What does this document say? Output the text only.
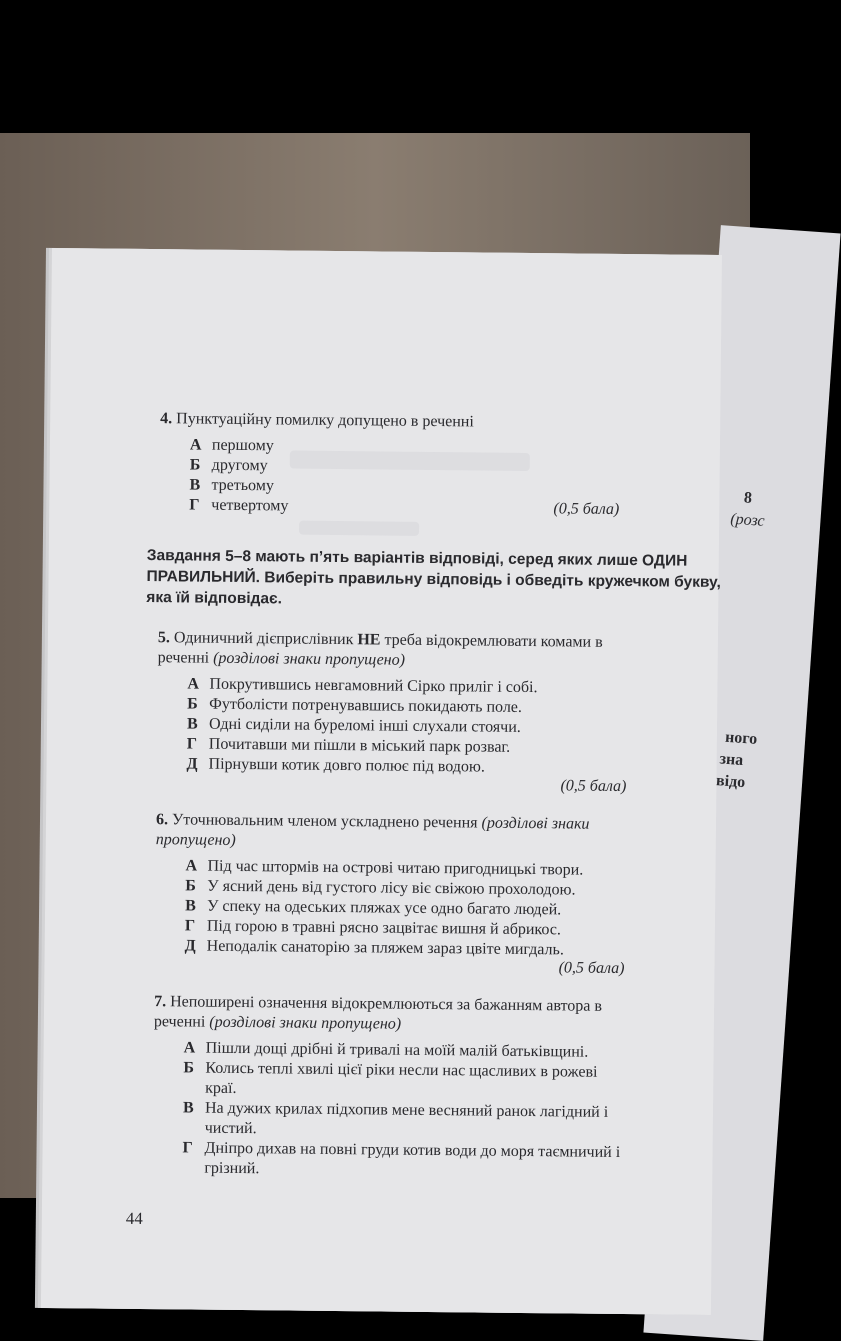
8
(розс
ного
зна
відо

4. Пунктуаційну помилку допущено в реченні

А першому
Б другому
В третьому
Г четвертому	(0,5 бала)

Завдання 5–8 мають п’ять варіантів відповіді, серед яких лише ОДИН ПРАВИЛЬНИЙ. Виберіть правильну відповідь і обведіть кружечком букву, яка їй відповідає.

5. Одиничний дієприслівник НЕ треба відокремлювати комами в реченні (розділові знаки пропущено)

А Покрутившись невгамовний Сірко приліг і собі.
Б Футболісти потренувавшись покидають поле.
В Одні сиділи на буреломі інші слухали стоячи.
Г Почитавши ми пішли в міський парк розваг.
Д Пірнувши котик довго полює під водою.
(0,5 бала)

6. Уточнювальним членом ускладнено речення (розділові знаки пропущено)

А Під час штормів на острові читаю пригодницькі твори.
Б У ясний день від густого лісу віє свіжою прохолодою.
В У спеку на одеських пляжах усе одно багато людей.
Г Під горою в травні рясно зацвітає вишня й абрикос.
Д Неподалік санаторію за пляжем зараз цвіте мигдаль.
(0,5 бала)

7. Непоширені означення відокремлюються за бажанням автора в реченні (розділові знаки пропущено)

А Пішли дощі дрібні й тривалі на моїй малій батьківщині.
Б Колись теплі хвилі цієї ріки несли нас щасливих в рожеві краї.
В На дужих крилах підхопив мене весняний ранок лагідний і чистий.
Г Дніпро дихав на повні груди котив води до моря таємничий і грізний.
44
